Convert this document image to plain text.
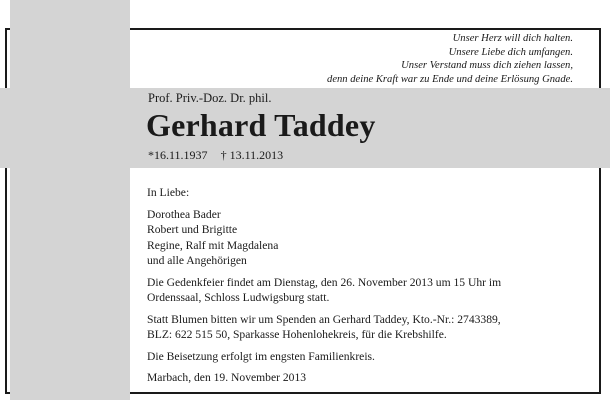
Unser Herz will dich halten.
Unsere Liebe dich umfangen.
Unser Verstand muss dich ziehen lassen,
denn deine Kraft war zu Ende und deine Erlösung Gnade.
Prof. Priv.-Doz. Dr. phil.
Gerhard Taddey
*16.11.1937 † 13.11.2013
In Liebe:
Dorothea Bader
Robert und Brigitte
Regine, Ralf mit Magdalena
und alle Angehörigen
Die Gedenkfeier findet am Dienstag, den 26. November 2013 um 15 Uhr im
Ordenssaal, Schloss Ludwigsburg statt.
Statt Blumen bitten wir um Spenden an Gerhard Taddey, Kto.-Nr.: 2743389,
BLZ: 622 515 50, Sparkasse Hohenlohekreis, für die Krebshilfe.
Die Beisetzung erfolgt im engsten Familienkreis.
Marbach, den 19. November 2013
